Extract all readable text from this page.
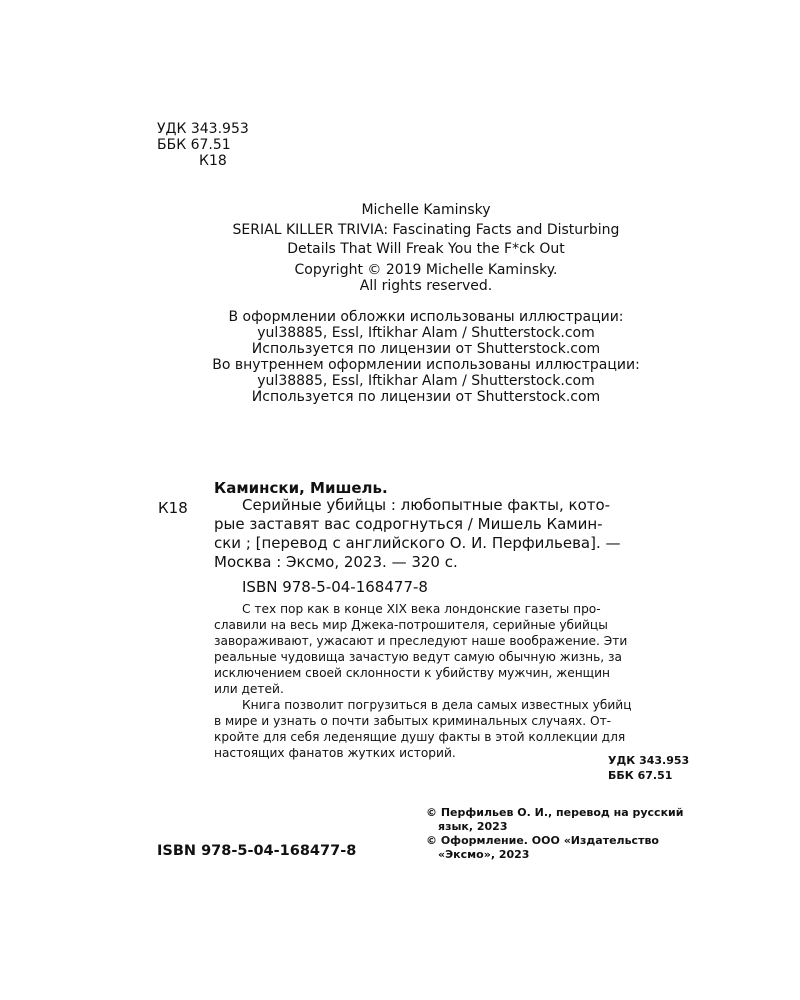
УДК 343.953
ББК 67.51
К18
Michelle Kaminsky
SERIAL KILLER TRIVIA: Fascinating Facts and Disturbing
Details That Will Freak You the F*ck Out
Copyright © 2019 Michelle Kaminsky.
All rights reserved.
В оформлении обложки использованы иллюстрации:
yul38885, Essl, Iftikhar Alam / Shutterstock.com
Используется по лицензии от Shutterstock.com
Во внутреннем оформлении использованы иллюстрации:
yul38885, Essl, Iftikhar Alam / Shutterstock.com
Используется по лицензии от Shutterstock.com
Камински, Мишель.
К18	Серийные убийцы : любопытные факты, кото-
рые заставят вас содрогнуться / Мишель Камин-
ски ; [перевод с английского О. И. Перфильева]. —
Москва : Эксмо, 2023. — 320 с.
ISBN 978-5-04-168477-8
С тех пор как в конце XIX века лондонские газеты про-
славили на весь мир Джека-потрошителя, серийные убийцы
завораживают, ужасают и преследуют наше воображение. Эти
реальные чудовища зачастую ведут самую обычную жизнь, за
исключением своей склонности к убийству мужчин, женщин
или детей.
Книга позволит погрузиться в дела самых известных убийц
в мире и узнать о почти забытых криминальных случаях. От-
кройте для себя леденящие душу факты в этой коллекции для
настоящих фанатов жутких историй.
УДК 343.953
ББК 67.51
© Перфильев О. И., перевод на русский
язык, 2023
© Оформление. ООО «Издательство
«Эксмо», 2023
ISBN 978-5-04-168477-8
